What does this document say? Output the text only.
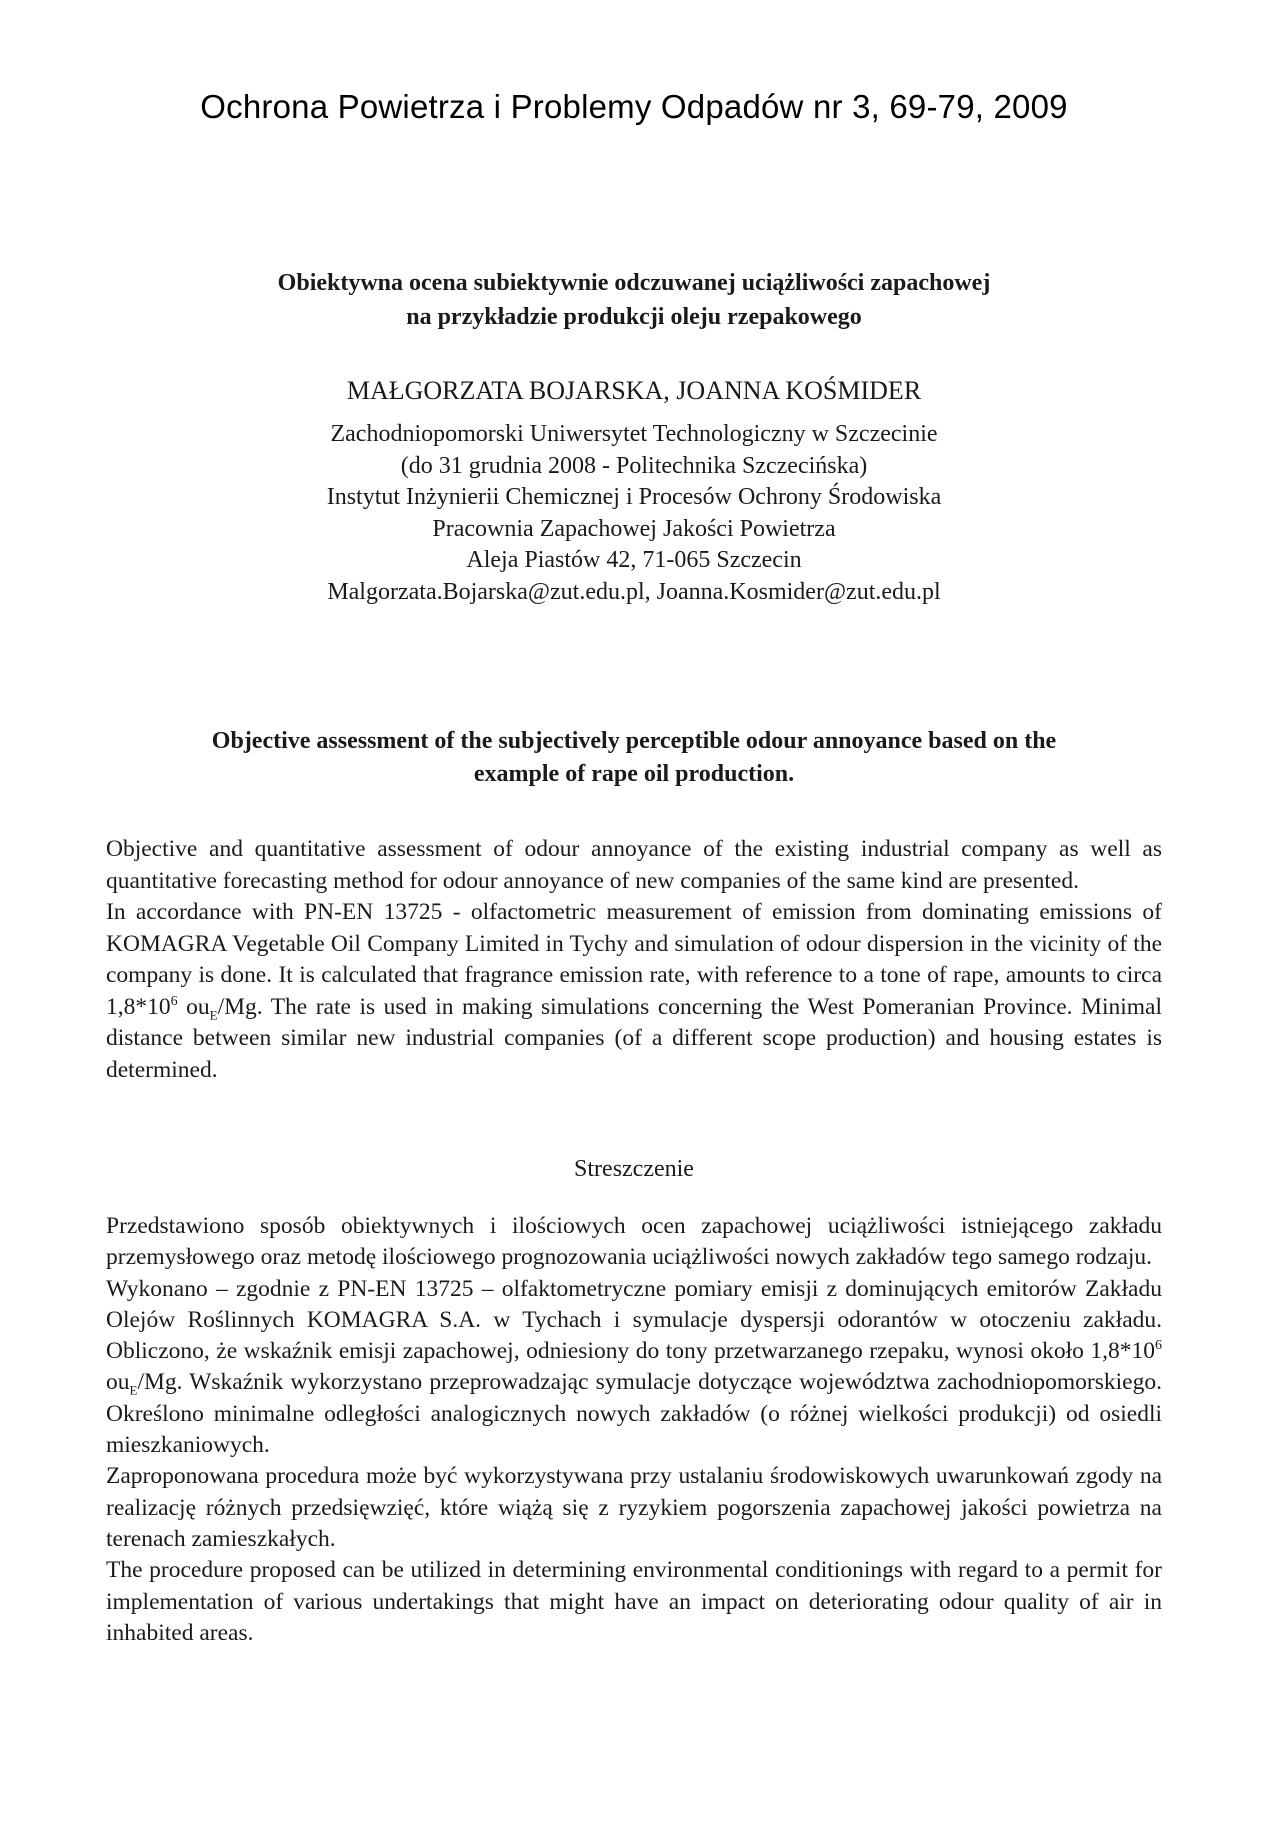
Ochrona Powietrza i Problemy Odpadów nr 3, 69-79, 2009
Obiektywna ocena subiektywnie odczuwanej uciążliwości zapachowej
na przykładzie produkcji oleju rzepakowego
MAŁGORZATA BOJARSKA, JOANNA KOŚMIDER
Zachodniopomorski Uniwersytet Technologiczny w Szczecinie
(do 31 grudnia 2008 - Politechnika Szczecińska)
Instytut Inżynierii Chemicznej i Procesów Ochrony Środowiska
Pracownia Zapachowej Jakości Powietrza
Aleja Piastów 42, 71-065 Szczecin
Malgorzata.Bojarska@zut.edu.pl, Joanna.Kosmider@zut.edu.pl
Objective assessment of the subjectively perceptible odour annoyance based on the
example of rape oil production.

Objective and quantitative assessment of odour annoyance of the existing industrial company as well as quantitative forecasting method for odour annoyance of new companies of the same kind are presented.

In accordance with PN-EN 13725 - olfactometric measurement of emission from dominating emissions of KOMAGRA Vegetable Oil Company Limited in Tychy and simulation of odour dispersion in the vicinity of the company is done. It is calculated that fragrance emission rate, with reference to a tone of rape, amounts to circa $1,8*10^6$ $ou_E/Mg$. The rate is used in making simulations concerning the West Pomeranian Province. Minimal distance between similar new industrial companies (of a different scope production) and housing estates is determined.

Streszczenie

Przedstawiono sposób obiektywnych i ilościowych ocen zapachowej uciążliwości istniejącego zakładu przemysłowego oraz metodę ilościowego prognozowania uciążliwości nowych zakładów tego samego rodzaju.

Wykonano – zgodnie z PN-EN 13725 – olfaktometryczne pomiary emisji z dominujących emitorów Zakładu Olejów Roślinnych KOMAGRA S.A. w Tychach i symulacje dyspersji odorantów w otoczeniu zakładu. Obliczono, że wskaźnik emisji zapachowej, odniesiony do tony przetwarzanego rzepaku, wynosi około $1,8*10^6$ $ou_E/Mg$. Wskaźnik wykorzystano przeprowadzając symulacje dotyczące województwa zachodniopomorskiego. Określono minimalne odległości analogicznych nowych zakładów (o różnej wielkości produkcji) od osiedli mieszkaniowych.

Zaproponowana procedura może być wykorzystywana przy ustalaniu środowiskowych uwarunkowań zgody na realizację różnych przedsięwzięć, które wiążą się z ryzykiem pogorszenia zapachowej jakości powietrza na terenach zamieszkałych.

The procedure proposed can be utilized in determining environmental conditionings with regard to a permit for implementation of various undertakings that might have an impact on deteriorating odour quality of air in inhabited areas.
